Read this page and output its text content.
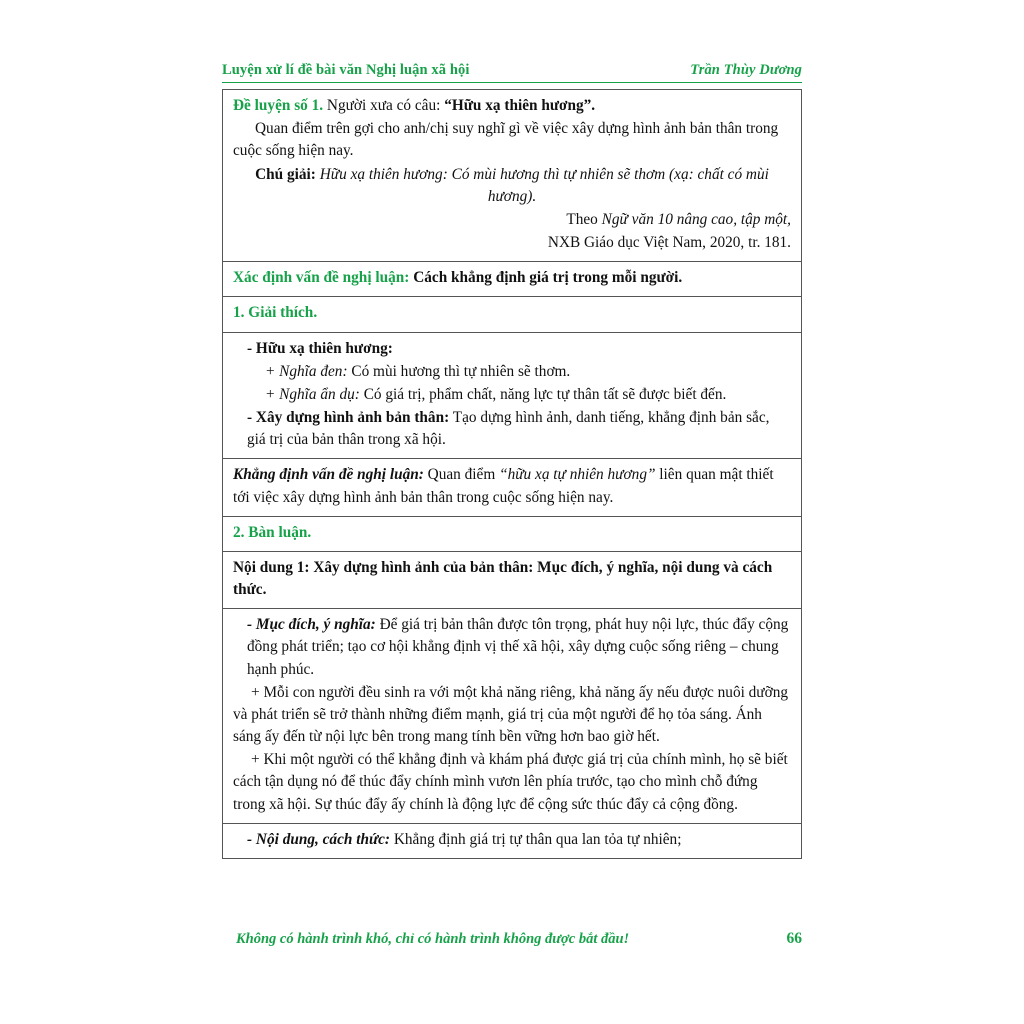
Luyện xử lí đề bài văn Nghị luận xã hội	Trần Thùy Dương

Đề luyện số 1. Người xưa có câu: “Hữu xạ thiên hương”.

Quan điểm trên gợi cho anh/chị suy nghĩ gì về việc xây dựng hình ảnh bản thân trong cuộc sống hiện nay.

Chú giải: Hữu xạ thiên hương: Có mùi hương thì tự nhiên sẽ thơm (xạ: chất có mùi hương).

Theo Ngữ văn 10 nâng cao, tập một,

NXB Giáo dục Việt Nam, 2020, tr. 181.

Xác định vấn đề nghị luận: Cách khẳng định giá trị trong mỗi người.

1. Giải thích.

- Hữu xạ thiên hương:

+ Nghĩa đen: Có mùi hương thì tự nhiên sẽ thơm.

+ Nghĩa ẩn dụ: Có giá trị, phẩm chất, năng lực tự thân tất sẽ được biết đến.

- Xây dựng hình ảnh bản thân: Tạo dựng hình ảnh, danh tiếng, khẳng định bản sắc, giá trị của bản thân trong xã hội.

Khẳng định vấn đề nghị luận: Quan điểm “hữu xạ tự nhiên hương” liên quan mật thiết tới việc xây dựng hình ảnh bản thân trong cuộc sống hiện nay.

2. Bàn luận.

Nội dung 1: Xây dựng hình ảnh của bản thân: Mục đích, ý nghĩa, nội dung và cách thức.

- Mục đích, ý nghĩa: Để giá trị bản thân được tôn trọng, phát huy nội lực, thúc đẩy cộng đồng phát triển; tạo cơ hội khẳng định vị thế xã hội, xây dựng cuộc sống riêng – chung hạnh phúc.

+ Mỗi con người đều sinh ra với một khả năng riêng, khả năng ấy nếu được nuôi dưỡng và phát triển sẽ trở thành những điểm mạnh, giá trị của một người để họ tỏa sáng. Ánh sáng ấy đến từ nội lực bên trong mang tính bền vững hơn bao giờ hết.

+ Khi một người có thể khẳng định và khám phá được giá trị của chính mình, họ sẽ biết cách tận dụng nó để thúc đẩy chính mình vươn lên phía trước, tạo cho mình chỗ đứng trong xã hội. Sự thúc đẩy ấy chính là động lực để cộng sức thúc đẩy cả cộng đồng.

- Nội dung, cách thức: Khẳng định giá trị tự thân qua lan tỏa tự nhiên;

Không có hành trình khó, chỉ có hành trình không được bắt đầu!	66
